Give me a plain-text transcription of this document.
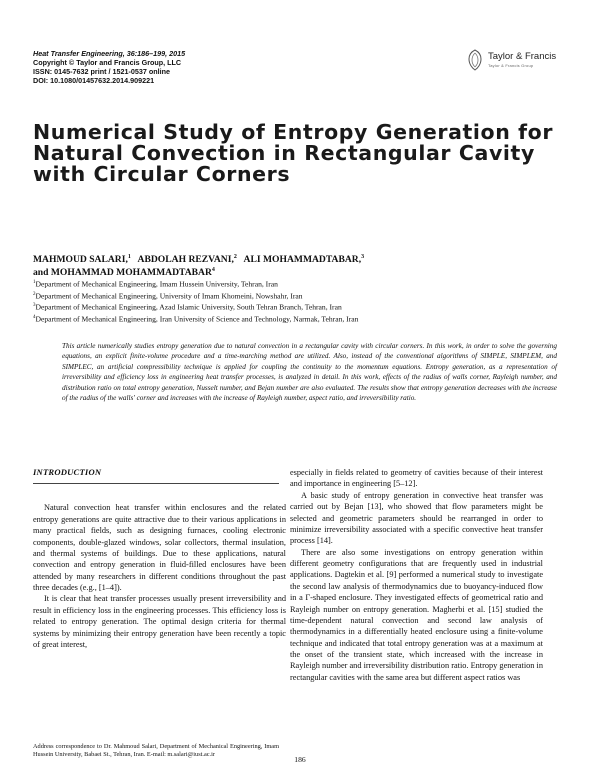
Heat Transfer Engineering, 36:186–199, 2015
Copyright © Taylor and Francis Group, LLC
ISSN: 0145-7632 print / 1521-0537 online
DOI: 10.1080/01457632.2014.909221
Taylor & Francis
Taylor & Francis Group
Numerical Study of Entropy Generation for Natural Convection in Rectangular Cavity with Circular Corners
MAHMOUD SALARI,$^1$ ABDOLAH REZVANI,$^2$ ALI MOHAMMADTABAR,$^3$
and MOHAMMAD MOHAMMADTABAR$^4$
$^1$Department of Mechanical Engineering, Imam Hussein University, Tehran, Iran
$^2$Department of Mechanical Engineering, University of Imam Khomeini, Nowshahr, Iran
$^3$Department of Mechanical Engineering, Azad Islamic University, South Tehran Branch, Tehran, Iran
$^4$Department of Mechanical Engineering, Iran University of Science and Technology, Narmak, Tehran, Iran

This article numerically studies entropy generation due to natural convection in a rectangular cavity with circular corners. In this work, in order to solve the governing equations, an explicit finite-volume procedure and a time-marching method are utilized. Also, instead of the conventional algorithms of SIMPLE, SIMPLEM, and SIMPLEC, an artificial compressibility technique is applied for coupling the continuity to the momentum equations. Entropy generation, as a representation of irreversibility and efficiency loss in engineering heat transfer processes, is analyzed in detail. In this work, effects of the radius of walls corner, Rayleigh number, and distribution ratio on total entropy generation, Nusselt number, and Bejan number are also evaluated. The results show that entropy generation decreases with the increase of the radius of the walls' corner and increases with the increase of Rayleigh number, aspect ratio, and irreversibility ratio.

INTRODUCTION

Natural convection heat transfer within enclosures and the related entropy generations are quite attractive due to their various applications in many practical fields, such as designing furnaces, cooling electronic components, double-glazed windows, solar collectors, thermal insulation, and thermal systems of buildings. Due to these applications, natural convection and entropy generation in fluid-filled enclosures have been attended by many researchers in different conditions throughout the past three decades (e.g., [1–4]).

It is clear that heat transfer processes usually present irreversibility and result in efficiency loss in the engineering processes. This efficiency loss is related to entropy generation. The optimal design criteria for thermal systems by minimizing their entropy generation have been recently a topic of great interest,

especially in fields related to geometry of cavities because of their interest and importance in engineering [5–12].

A basic study of entropy generation in convective heat transfer was carried out by Bejan [13], who showed that flow parameters might be selected and geometric parameters should be rearranged in order to minimize irreversibility associated with a specific convective heat transfer process [14].

There are also some investigations on entropy generation within different geometry configurations that are frequently used in industrial applications. Dagtekin et al. [9] performed a numerical study to investigate the second law analysis of thermodynamics due to buoyancy-induced flow in a Γ-shaped enclosure. They investigated effects of geometrical ratio and Rayleigh number on entropy generation. Magherbi et al. [15] studied the time-dependent natural convection and second law analysis of thermodynamics in a differentially heated enclosure using a finite-volume technique and indicated that total entropy generation was at a maximum at the onset of the transient state, which increased with the increase in Rayleigh number and irreversibility distribution ratio. Entropy generation in rectangular cavities with the same area but different aspect ratios was

Address correspondence to Dr. Mahmoud Salari, Department of Mechanical Engineering, Imam Hussein University, Babaei St., Tehran, Iran. E-mail: m.salari@iust.ac.ir
186
